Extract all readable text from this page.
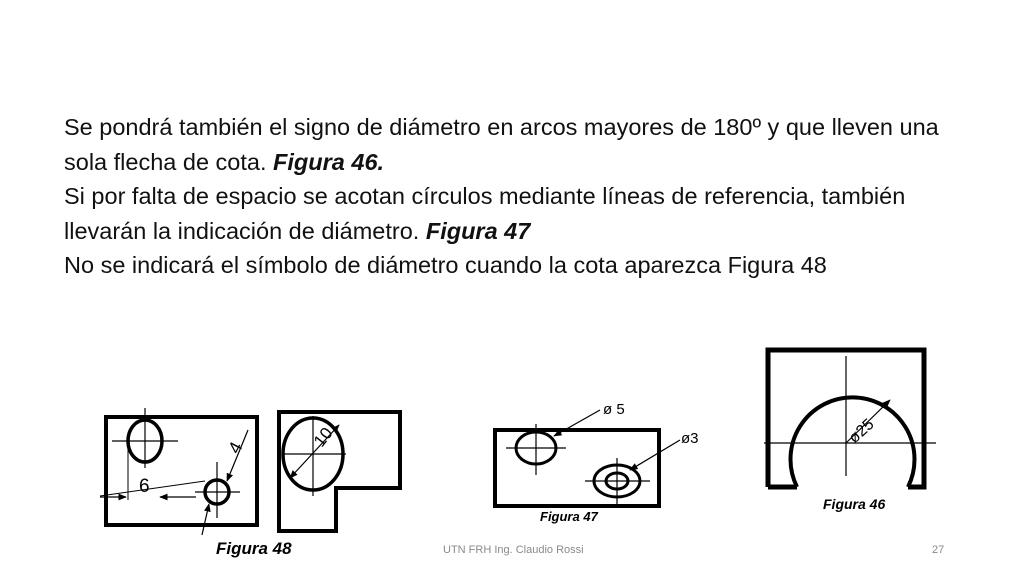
Se pondrá también el signo de diámetro en arcos mayores de 180º y que lleven una sola flecha de cota. Figura 46.

Si por falta de espacio se acotan círculos mediante líneas de referencia, también llevarán la indicación de diámetro. Figura 47

No se indicará el símbolo de diámetro cuando la cota aparezca Figura 48

6
4	10
Figura 48
ø 5
ø3
Figura 47
ø25
Figura 46
UTN FRH Ing. Claudio Rossi	27
